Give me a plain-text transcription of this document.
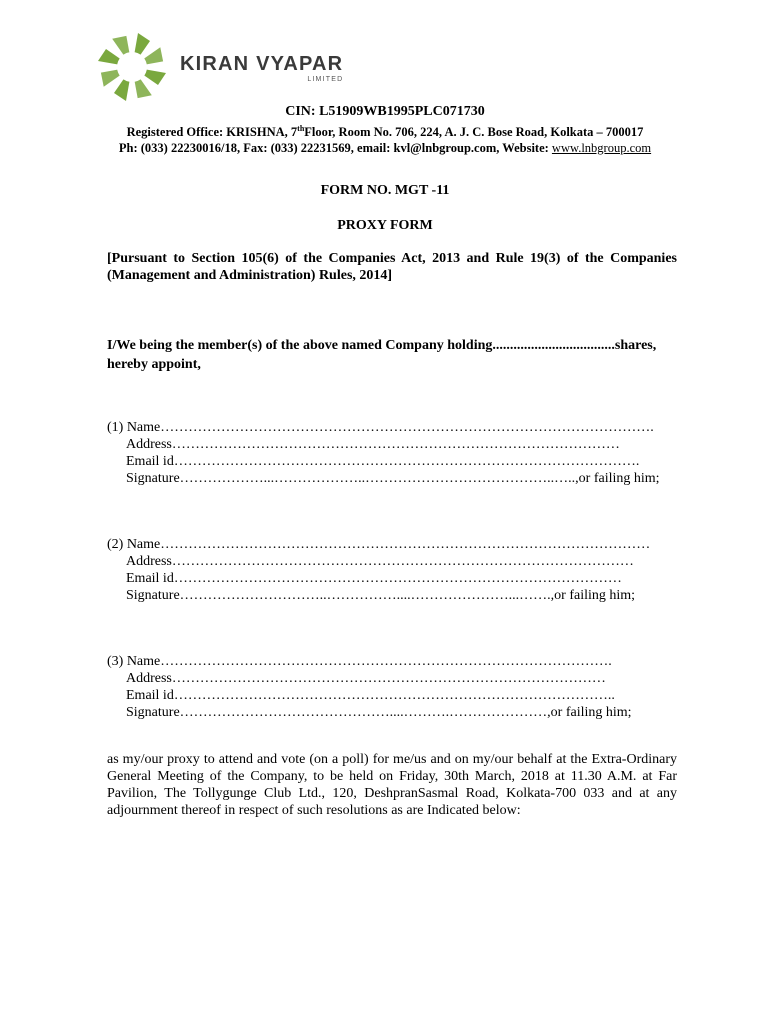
KIRAN VYAPAR
LIMITED
CIN: L51909WB1995PLC071730
Registered Office: KRISHNA, 7thFloor, Room No. 706, 224, A. J. C. Bose Road, Kolkata – 700017
Ph: (033) 22230016/18, Fax: (033) 22231569, email: kvl@lnbgroup.com, Website: www.lnbgroup.com
FORM NO. MGT -11
PROXY FORM
[Pursuant to Section 105(6) of the Companies Act, 2013 and Rule 19(3) of the Companies (Management and Administration) Rules, 2014]
I/We being the member(s) of the above named Company holding...................................shares,
hereby appoint,
(1) Name…………………………………………………………………………………………….
Address……………………………………………………………………………………
Email id……………………………………………………………………………………….
Signature………………...………………..…………………………………..…..,or failing him;
(2) Name……………………………………………………………………………………………
Address………………………………………………………………………………………
Email id……………………………………………………………………………………
Signature…………………………..……………....…………………...…….,or failing him;
(3) Name…………………………………………………………………………………….
Address…………………………………………………………………………………
Email id…………………………………………………………………………………..
Signature………………………………………....……….…………………,or failing him;
as my/our proxy to attend and vote (on a poll) for me/us and on my/our behalf at the Extra-Ordinary General Meeting of the Company, to be held on Friday, 30th March, 2018 at 11.30 A.M. at Far Pavilion, The Tollygunge Club Ltd., 120, DeshpranSasmal Road, Kolkata-700 033 and at any adjournment thereof in respect of such resolutions as are Indicated below:
